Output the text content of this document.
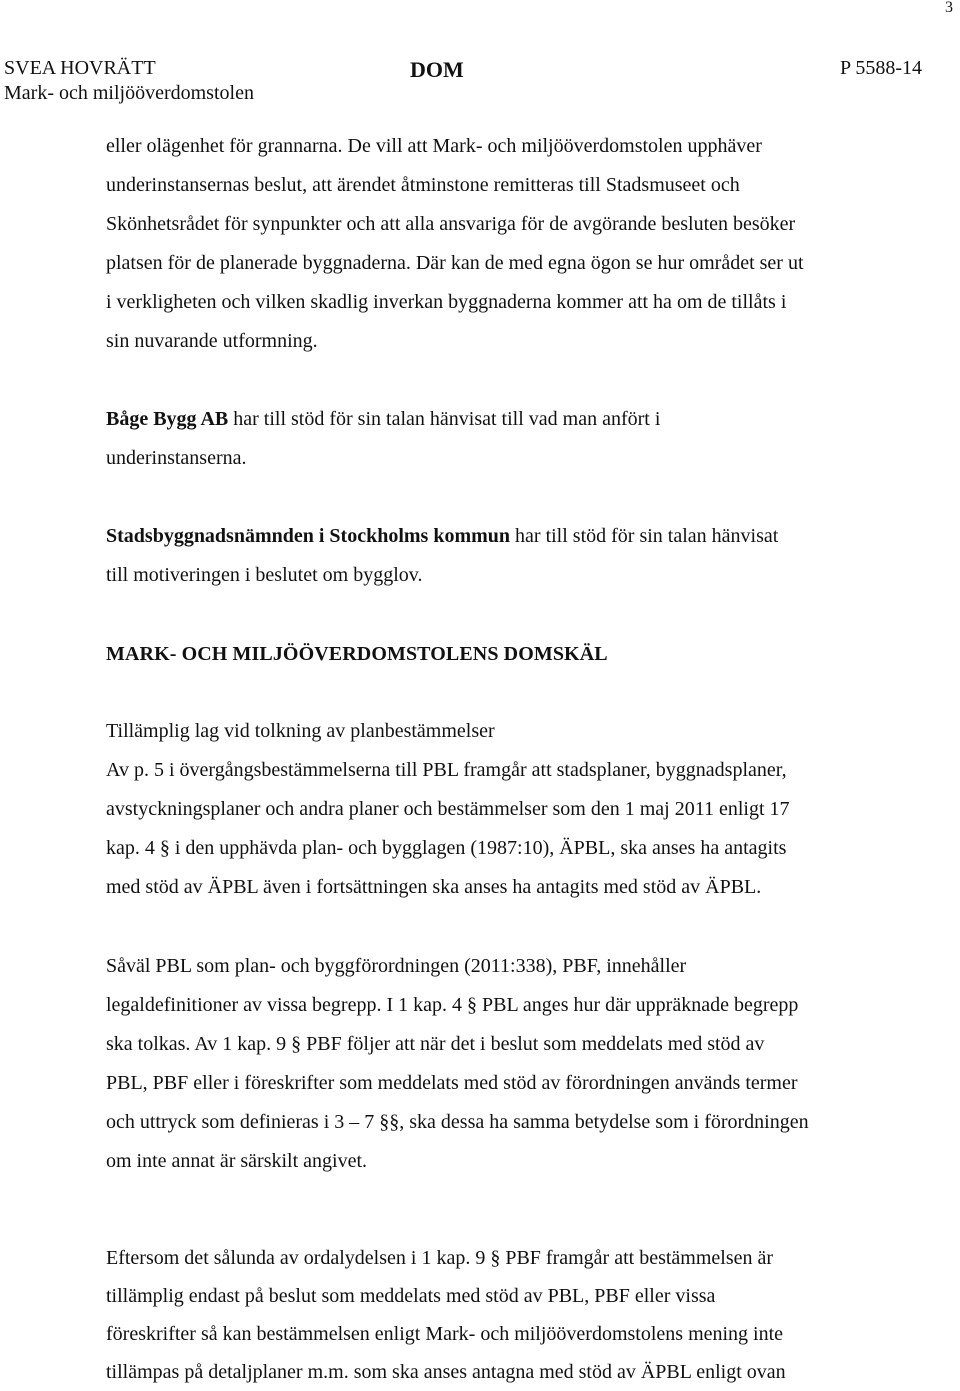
3
SVEA HOVRÄTT
Mark- och miljööverdomstolen
DOM	P 5588-14
eller olägenhet för grannarna. De vill att Mark- och miljööverdomstolen upphäver
underinstansernas beslut, att ärendet åtminstone remitteras till Stadsmuseet och
Skönhetsrådet för synpunkter och att alla ansvariga för de avgörande besluten besöker
platsen för de planerade byggnaderna. Där kan de med egna ögon se hur området ser ut
i verkligheten och vilken skadlig inverkan byggnaderna kommer att ha om de tillåts i
sin nuvarande utformning.
Båge Bygg AB har till stöd för sin talan hänvisat till vad man anfört i
underinstanserna.
Stadsbyggnadsnämnden i Stockholms kommun har till stöd för sin talan hänvisat
till motiveringen i beslutet om bygglov.
MARK- OCH MILJÖÖVERDOMSTOLENS DOMSKÄL
Tillämplig lag vid tolkning av planbestämmelser
Av p. 5 i övergångsbestämmelserna till PBL framgår att stadsplaner, byggnadsplaner,
avstyckningsplaner och andra planer och bestämmelser som den 1 maj 2011 enligt 17
kap. 4 § i den upphävda plan- och bygglagen (1987:10), ÄPBL, ska anses ha antagits
med stöd av ÄPBL även i fortsättningen ska anses ha antagits med stöd av ÄPBL.
Såväl PBL som plan- och byggförordningen (2011:338), PBF, innehåller
legaldefinitioner av vissa begrepp. I 1 kap. 4 § PBL anges hur där uppräknade begrepp
ska tolkas. Av 1 kap. 9 § PBF följer att när det i beslut som meddelats med stöd av
PBL, PBF eller i föreskrifter som meddelats med stöd av förordningen används termer
och uttryck som definieras i 3 – 7 §§, ska dessa ha samma betydelse som i förordningen
om inte annat är särskilt angivet.
Eftersom det sålunda av ordalydelsen i 1 kap. 9 § PBF framgår att bestämmelsen är
tillämplig endast på beslut som meddelats med stöd av PBL, PBF eller vissa
föreskrifter så kan bestämmelsen enligt Mark- och miljööverdomstolens mening inte
tillämpas på detaljplaner m.m. som ska anses antagna med stöd av ÄPBL enligt ovan
